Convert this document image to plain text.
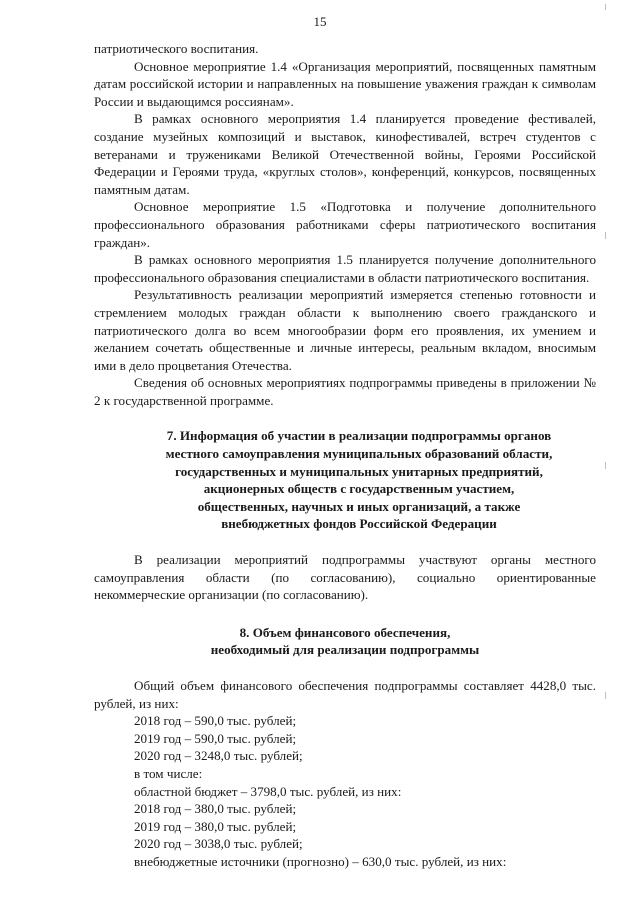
15

патриотического воспитания.

Основное мероприятие 1.4 «Организация мероприятий, посвященных памятным датам российской истории и направленных на повышение уважения граждан к символам России и выдающимся россиянам».

В рамках основного мероприятия 1.4 планируется проведение фестивалей, создание музейных композиций и выставок, кинофестивалей, встреч студентов с ветеранами и тружениками Великой Отечественной войны, Героями Российской Федерации и Героями труда, «круглых столов», конференций, конкурсов, посвященных памятным датам.

Основное мероприятие 1.5 «Подготовка и получение дополнительного профессионального образования работниками сферы патриотического воспитания граждан».

В рамках основного мероприятия 1.5 планируется получение дополнительного профессионального образования специалистами в области патриотического воспитания.

Результативность реализации мероприятий измеряется степенью готовности и стремлением молодых граждан области к выполнению своего гражданского и патриотического долга во всем многообразии форм его проявления, их умением и желанием сочетать общественные и личные интересы, реальным вкладом, вносимым ими в дело процветания Отечества.

Сведения об основных мероприятиях подпрограммы приведены в приложении № 2 к государственной программе.

7. Информация об участии в реализации подпрограммы органов
местного самоуправления муниципальных образований области,
государственных и муниципальных унитарных предприятий,
акционерных обществ с государственным участием,
общественных, научных и иных организаций, а также
внебюджетных фондов Российской Федерации

В реализации мероприятий подпрограммы участвуют органы местного самоуправления области (по согласованию), социально ориентированные некоммерческие организации (по согласованию).

8. Объем финансового обеспечения,
необходимый для реализации подпрограммы

Общий объем финансового обеспечения подпрограммы составляет 4428,0 тыс. рублей, из них:

2018 год – 590,0 тыс. рублей;

2019 год – 590,0 тыс. рублей;

2020 год – 3248,0 тыс. рублей;

в том числе:

областной бюджет – 3798,0 тыс. рублей, из них:

2018 год – 380,0 тыс. рублей;

2019 год – 380,0 тыс. рублей;

2020 год – 3038,0 тыс. рублей;

внебюджетные источники (прогнозно) – 630,0 тыс. рублей, из них:
